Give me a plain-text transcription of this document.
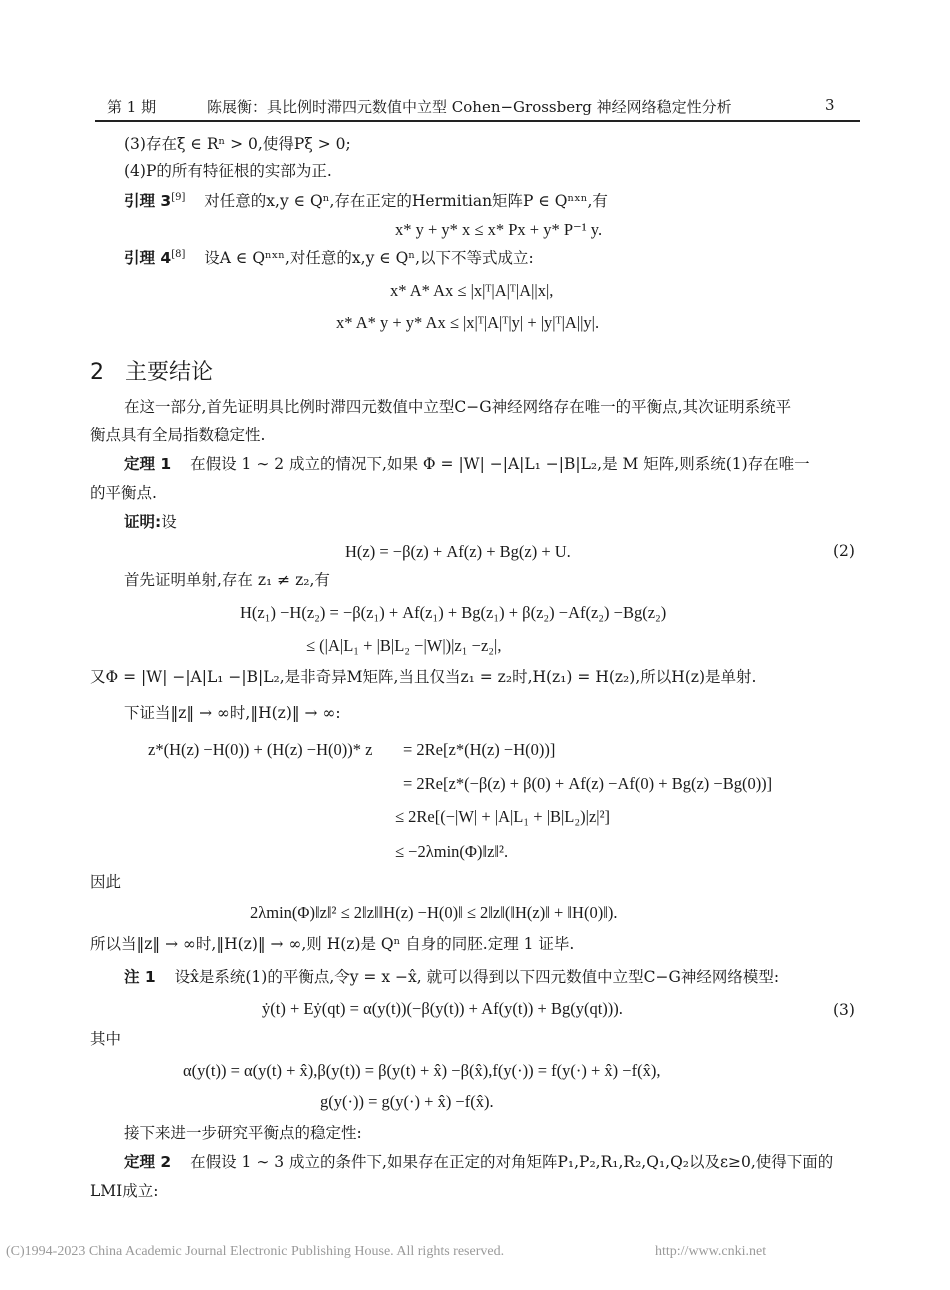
第 1 期	陈展衡：具比例时滞四元数值中立型 Cohen−Grossberg 神经网络稳定性分析	3
(3)存在ξ ∈ Rⁿ > 0,使得Pξ > 0;
(4)P的所有特征根的实部为正.
引理 3[9] 对任意的x,y ∈ Qⁿ,存在正定的Hermitian矩阵P ∈ Qⁿˣⁿ,有
x* y + y* x ≤ x* Px + y* P⁻¹ y.
引理 4[8] 设A ∈ Qⁿˣⁿ,对任意的x,y ∈ Qⁿ,以下不等式成立:
x* A* Ax ≤ |x|ᵀ|A|ᵀ|A||x|,
x* A* y + y* Ax ≤ |x|ᵀ|A|ᵀ|y| + |y|ᵀ|A||y|.
2 主要结论
在这一部分,首先证明具比例时滞四元数值中立型C−G神经网络存在唯一的平衡点,其次证明系统平
衡点具有全局指数稳定性.
定理 1 在假设 1 ∼ 2 成立的情况下,如果 Φ = |W| −|A|L₁ −|B|L₂,是 M 矩阵,则系统(1)存在唯一
的平衡点.
证明:设
H(z) = −β(z) + Af(z) + Bg(z) + U.	(2)
首先证明单射,存在 z₁ ≠ z₂,有
H(z₁) −H(z₂) = −β(z₁) + Af(z₁) + Bg(z₁) + β(z₂) −Af(z₂) −Bg(z₂)
≤ (|A|L₁ + |B|L₂ −|W|)|z₁ −z₂|,
又Φ = |W| −|A|L₁ −|B|L₂,是非奇异M矩阵,当且仅当z₁ = z₂时,H(z₁) = H(z₂),所以H(z)是单射.
下证当‖z‖ → ∞时,‖H(z)‖ → ∞:
z*(H(z) −H(0)) + (H(z) −H(0))* z = 2Re[z*(H(z) −H(0))]
= 2Re[z*(−β(z) + β(0) + Af(z) −Af(0) + Bg(z) −Bg(0))]
≤ 2Re[(−|W| + |A|L₁ + |B|L₂)|z|²]
≤ −2λmin(Φ)‖z‖².
因此
2λmin(Φ)‖z‖² ≤ 2‖z‖‖H(z) −H(0)‖ ≤ 2‖z‖(‖H(z)‖ + ‖H(0)‖).
所以当‖z‖ → ∞时,‖H(z)‖ → ∞,则 H(z)是 Qⁿ 自身的同胚.定理 1 证毕.
注 1 设x̂是系统(1)的平衡点,令y = x −x̂, 就可以得到以下四元数值中立型C−G神经网络模型:
ẏ(t) + Eẏ(qt) = α(y(t))(−β(y(t)) + Af(y(t)) + Bg(y(qt))).	(3)
其中
α(y(t)) = α(y(t) + x̂),β(y(t)) = β(y(t) + x̂) −β(x̂),f(y(·)) = f(y(·) + x̂) −f(x̂),
g(y(·)) = g(y(·) + x̂) −f(x̂).
接下来进一步研究平衡点的稳定性:
定理 2 在假设 1 ∼ 3 成立的条件下,如果存在正定的对角矩阵P₁,P₂,R₁,R₂,Q₁,Q₂以及ε≥0,使得下面的
LMI成立:
(C)1994-2023 China Academic Journal Electronic Publishing House. All rights reserved.	http://www.cnki.net
